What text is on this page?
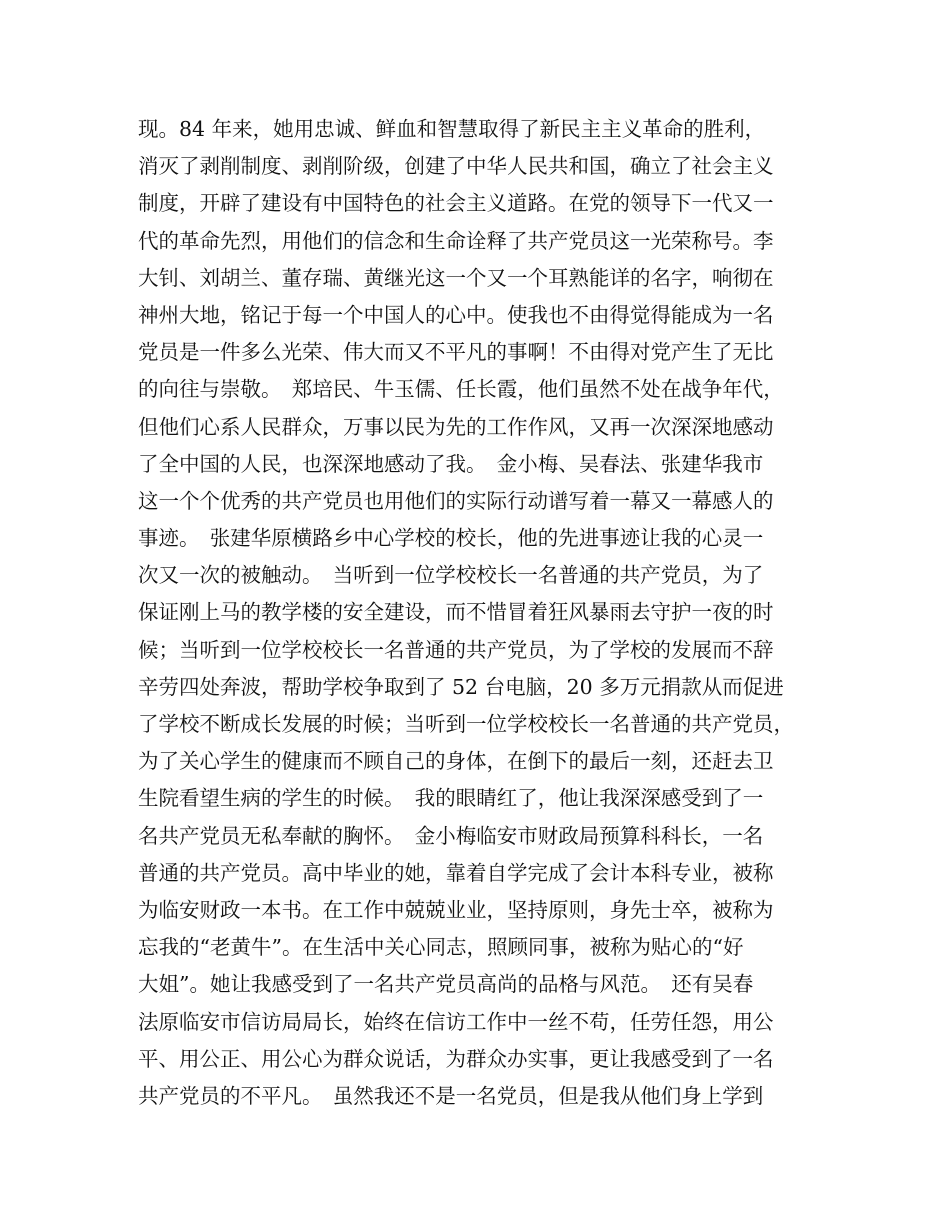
现。84 年来，她用忠诚、鲜血和智慧取得了新民主主义革命的胜利，
消灭了剥削制度、剥削阶级，创建了中华人民共和国，确立了社会主义
制度，开辟了建设有中国特色的社会主义道路。在党的领导下一代又一
代的革命先烈，用他们的信念和生命诠释了共产党员这一光荣称号。李
大钊、刘胡兰、董存瑞、黄继光这一个又一个耳熟能详的名字，响彻在
神州大地，铭记于每一个中国人的心中。使我也不由得觉得能成为一名
党员是一件多么光荣、伟大而又不平凡的事啊！不由得对党产生了无比
的向往与崇敬。　郑培民、牛玉儒、任长霞，他们虽然不处在战争年代，
但他们心系人民群众，万事以民为先的工作作风，又再一次深深地感动
了全中国的人民，也深深地感动了我。　金小梅、吴春法、张建华我市
这一个个优秀的共产党员也用他们的实际行动谱写着一幕又一幕感人的
事迹。　张建华原横路乡中心学校的校长，他的先进事迹让我的心灵一
次又一次的被触动。　当听到一位学校校长一名普通的共产党员，为了
保证刚上马的教学楼的安全建设，而不惜冒着狂风暴雨去守护一夜的时
候；当听到一位学校校长一名普通的共产党员，为了学校的发展而不辞
辛劳四处奔波，帮助学校争取到了 52 台电脑，20 多万元捐款从而促进
了学校不断成长发展的时候；当听到一位学校校长一名普通的共产党员，
为了关心学生的健康而不顾自己的身体，在倒下的最后一刻，还赶去卫
生院看望生病的学生的时候。　我的眼睛红了，他让我深深感受到了一
名共产党员无私奉献的胸怀。　金小梅临安市财政局预算科科长，一名
普通的共产党员。高中毕业的她，靠着自学完成了会计本科专业，被称
为临安财政一本书。在工作中兢兢业业，坚持原则，身先士卒，被称为
忘我的“老黄牛”。在生活中关心同志，照顾同事，被称为贴心的“好
大姐”。她让我感受到了一名共产党员高尚的品格与风范。　还有吴春
法原临安市信访局局长，始终在信访工作中一丝不苟，任劳任怨，用公
平、用公正、用公心为群众说话，为群众办实事，更让我感受到了一名
共产党员的不平凡。　虽然我还不是一名党员，但是我从他们身上学到
